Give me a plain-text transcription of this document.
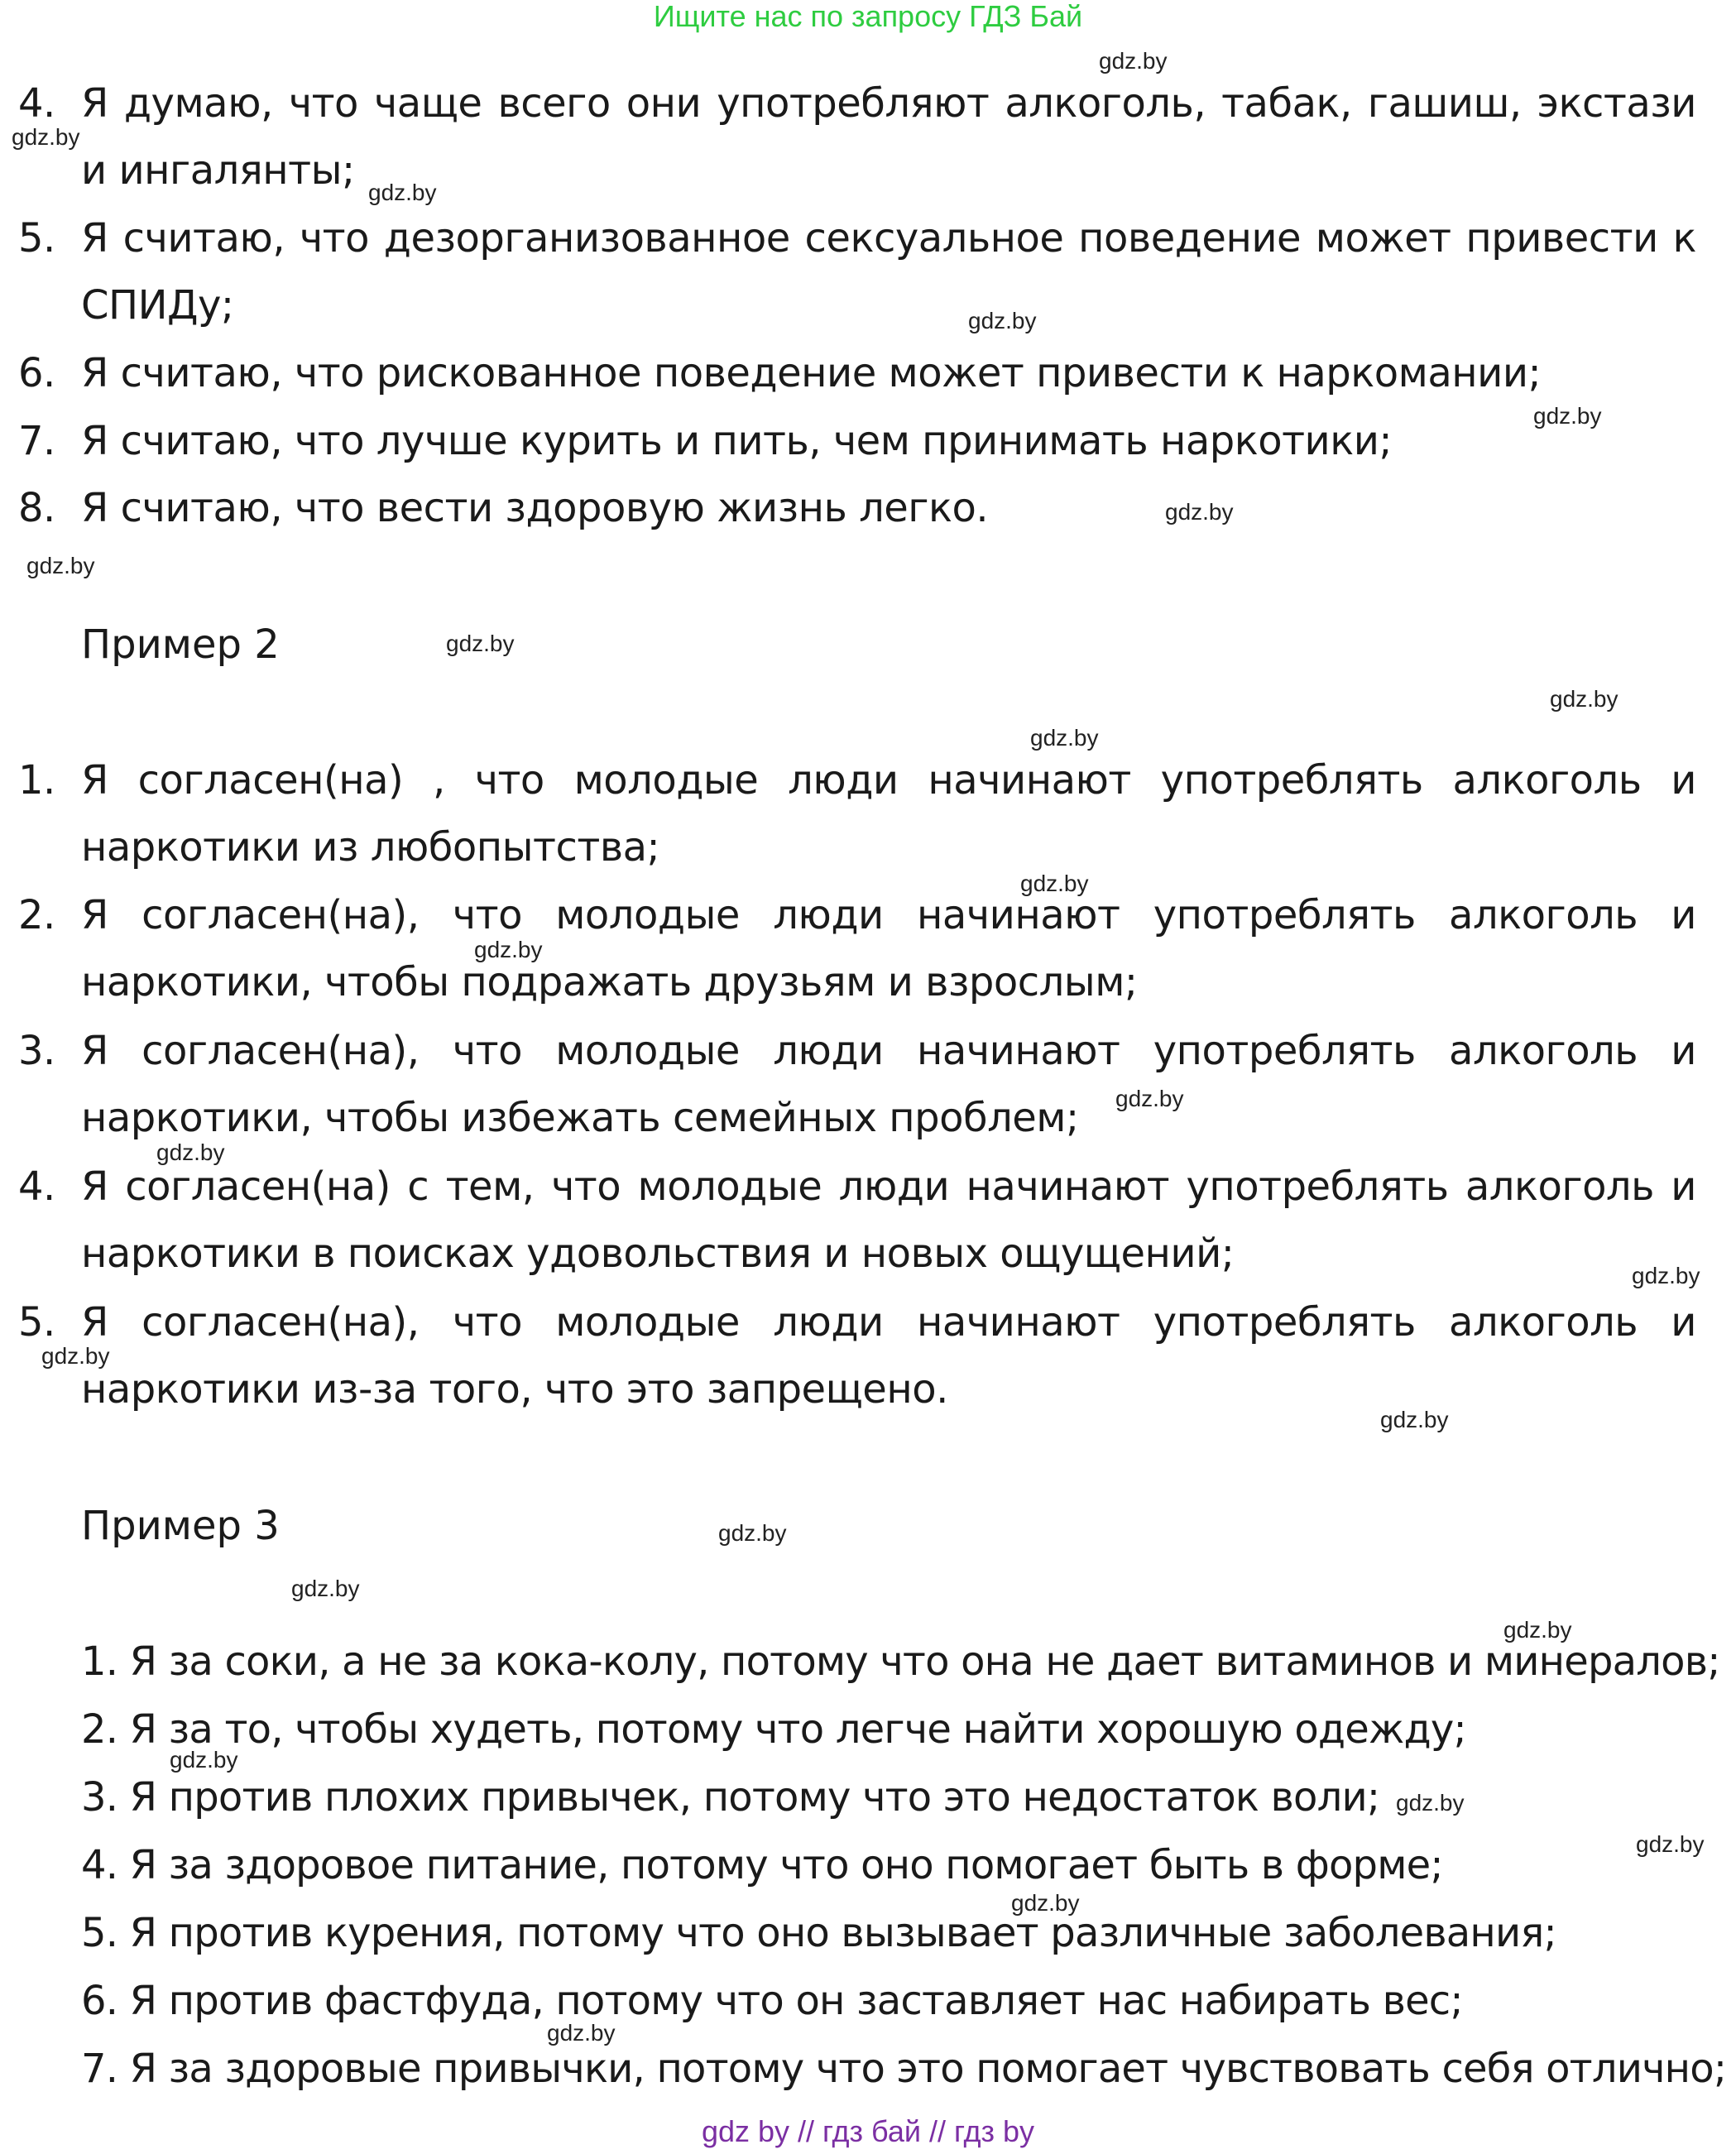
Ищите нас по запросу ГДЗ Бай
4. Я думаю, что чаще всего они употребляют алкоголь, табак, гашиш, экстази и ингалянты;
5. Я считаю, что дезорганизованное сексуальное поведение может привести к СПИДу;
6. Я считаю, что рискованное поведение может привести к наркомании;
7. Я считаю, что лучше курить и пить, чем принимать наркотики;
8. Я считаю, что вести здоровую жизнь легко.
Пример 2
1. Я согласен(на) , что молодые люди начинают употреблять алкоголь и наркотики из любопытства;
2. Я согласен(на), что молодые люди начинают употреблять алкоголь и наркотики, чтобы подражать друзьям и взрослым;
3. Я согласен(на), что молодые люди начинают употреблять алкоголь и наркотики, чтобы избежать семейных проблем;
4. Я согласен(на) с тем, что молодые люди начинают употреблять алкоголь и наркотики в поисках удовольствия и новых ощущений;
5. Я согласен(на), что молодые люди начинают употреблять алкоголь и наркотики из-за того, что это запрещено.
Пример 3
1. Я за соки, а не за кока-колу, потому что она не дает витаминов и минералов;
2. Я за то, чтобы худеть, потому что легче найти хорошую одежду;
3. Я против плохих привычек, потому что это недостаток воли;
4. Я за здоровое питание, потому что оно помогает быть в форме;
5. Я против курения, потому что оно вызывает различные заболевания;
6. Я против фастфуда, потому что он заставляет нас набирать вес;
7. Я за здоровые привычки, потому что это помогает чувствовать себя отлично;
gdz.by
gdz.by
gdz.by
gdz.by
gdz.by
gdz.by
gdz.by
gdz.by
gdz.by
gdz.by
gdz.by
gdz.by
gdz.by
gdz.by
gdz.by
gdz.by
gdz.by
gdz.by
gdz.by
gdz.by
gdz.by
gdz.by
gdz.by
gdz.by
gdz.by
gdz by // гдз бай // гдз by
